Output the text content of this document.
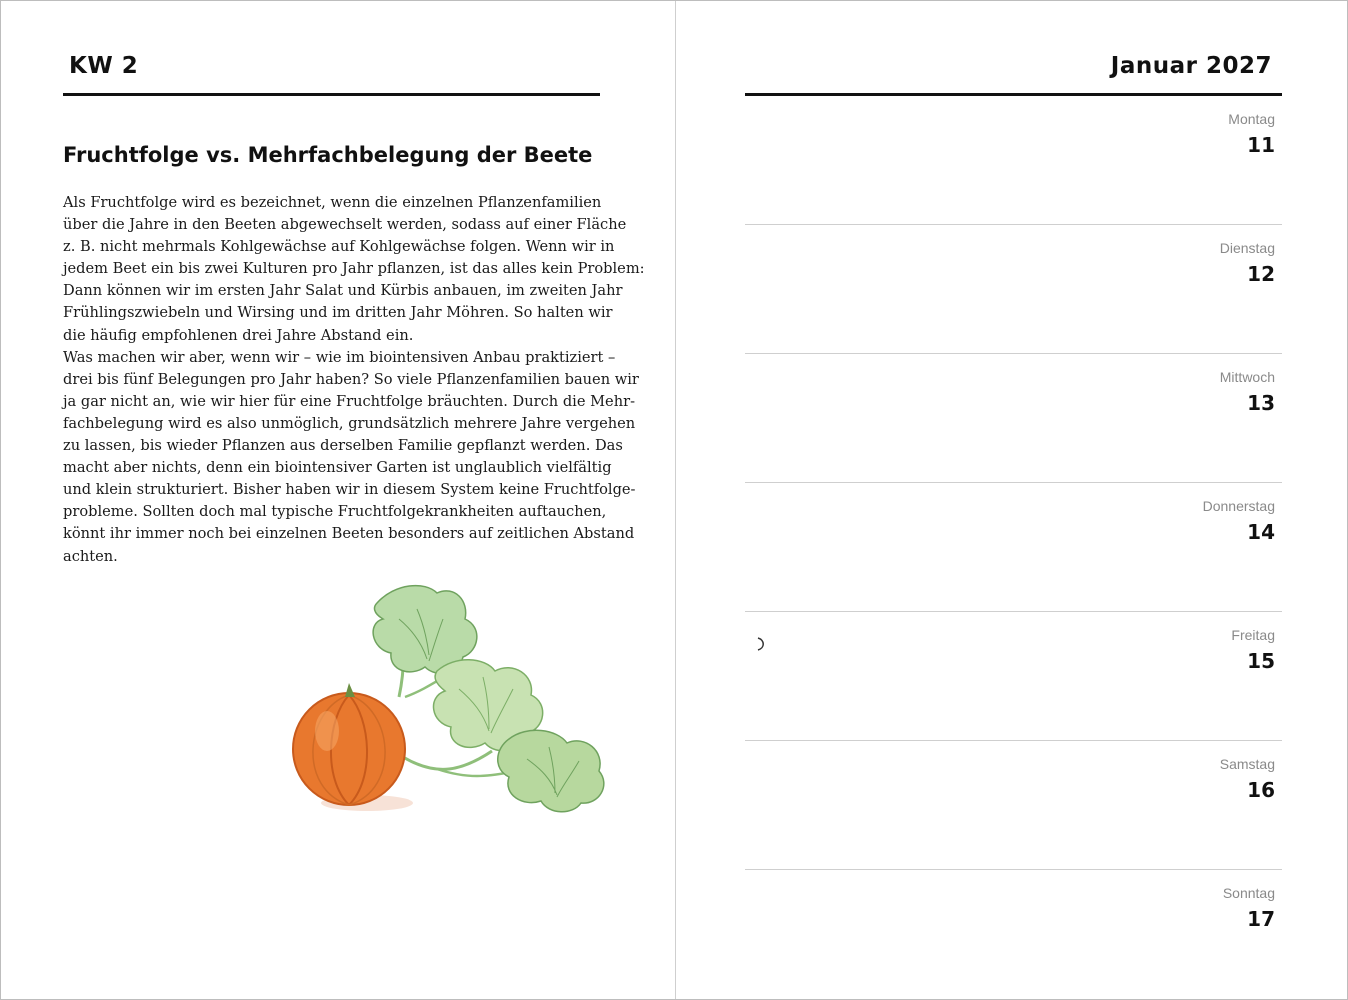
KW 2
Fruchtfolge vs. Mehrfachbelegung der Beete
Als Fruchtfolge wird es bezeichnet, wenn die einzelnen Pflanzenfamilien
über die Jahre in den Beeten abgewechselt werden, sodass auf einer Fläche
z. B. nicht mehrmals Kohlgewächse auf Kohlgewächse folgen. Wenn wir in
jedem Beet ein bis zwei Kulturen pro Jahr pflanzen, ist das alles kein Problem:
Dann können wir im ersten Jahr Salat und Kürbis anbauen, im zweiten Jahr
Frühlingszwiebeln und Wirsing und im dritten Jahr Möhren. So halten wir
die häufig empfohlenen drei Jahre Abstand ein.
Was machen wir aber, wenn wir – wie im biointensiven Anbau praktiziert –
drei bis fünf Belegungen pro Jahr haben? So viele Pflanzenfamilien bauen wir
ja gar nicht an, wie wir hier für eine Fruchtfolge bräuchten. Durch die Mehr-
fachbelegung wird es also unmöglich, grundsätzlich mehrere Jahre vergehen
zu lassen, bis wieder Pflanzen aus derselben Familie gepflanzt werden. Das
macht aber nichts, denn ein biointensiver Garten ist unglaublich vielfältig
und klein strukturiert. Bisher haben wir in diesem System keine Fruchtfolge-
probleme. Sollten doch mal typische Fruchtfolgekrankheiten auftauchen,
könnt ihr immer noch bei einzelnen Beeten besonders auf zeitlichen Abstand
achten.
Januar 2027
Montag
11
Dienstag
12
Mittwoch
13
Donnerstag
14
Freitag
15
Samstag
16
Sonntag
17
